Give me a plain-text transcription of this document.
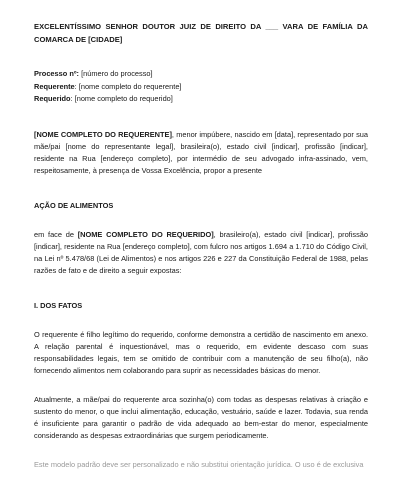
EXCELENTÍSSIMO SENHOR DOUTOR JUIZ DE DIREITO DA ___ VARA DE FAMÍLIA DA COMARCA DE [CIDADE]

Processo nº: [número do processo]

Requerente: [nome completo do requerente]

Requerido: [nome completo do requerido]

[NOME COMPLETO DO REQUERENTE], menor impúbere, nascido em [data], representado por sua mãe/pai [nome do representante legal], brasileira(o), estado civil [indicar], profissão [indicar], residente na Rua [endereço completo], por intermédio de seu advogado infra-assinado, vem, respeitosamente, à presença de Vossa Excelência, propor a presente

AÇÃO DE ALIMENTOS

em face de [NOME COMPLETO DO REQUERIDO], brasileiro(a), estado civil [indicar], profissão [indicar], residente na Rua [endereço completo], com fulcro nos artigos 1.694 a 1.710 do Código Civil, na Lei nº 5.478/68 (Lei de Alimentos) e nos artigos 226 e 227 da Constituição Federal de 1988, pelas razões de fato e de direito a seguir expostas:

I. DOS FATOS

O requerente é filho legítimo do requerido, conforme demonstra a certidão de nascimento em anexo. A relação parental é inquestionável, mas o requerido, em evidente descaso com suas responsabilidades legais, tem se omitido de contribuir com a manutenção de seu filho(a), não fornecendo alimentos nem colaborando para suprir as necessidades básicas do menor.

Atualmente, a mãe/pai do requerente arca sozinha(o) com todas as despesas relativas à criação e sustento do menor, o que inclui alimentação, educação, vestuário, saúde e lazer. Todavia, sua renda é insuficiente para garantir o padrão de vida adequado ao bem-estar do menor, especialmente considerando as despesas extraordinárias que surgem periodicamente.

Este modelo padrão deve ser personalizado e não substitui orientação jurídica. O uso é de exclusiva
